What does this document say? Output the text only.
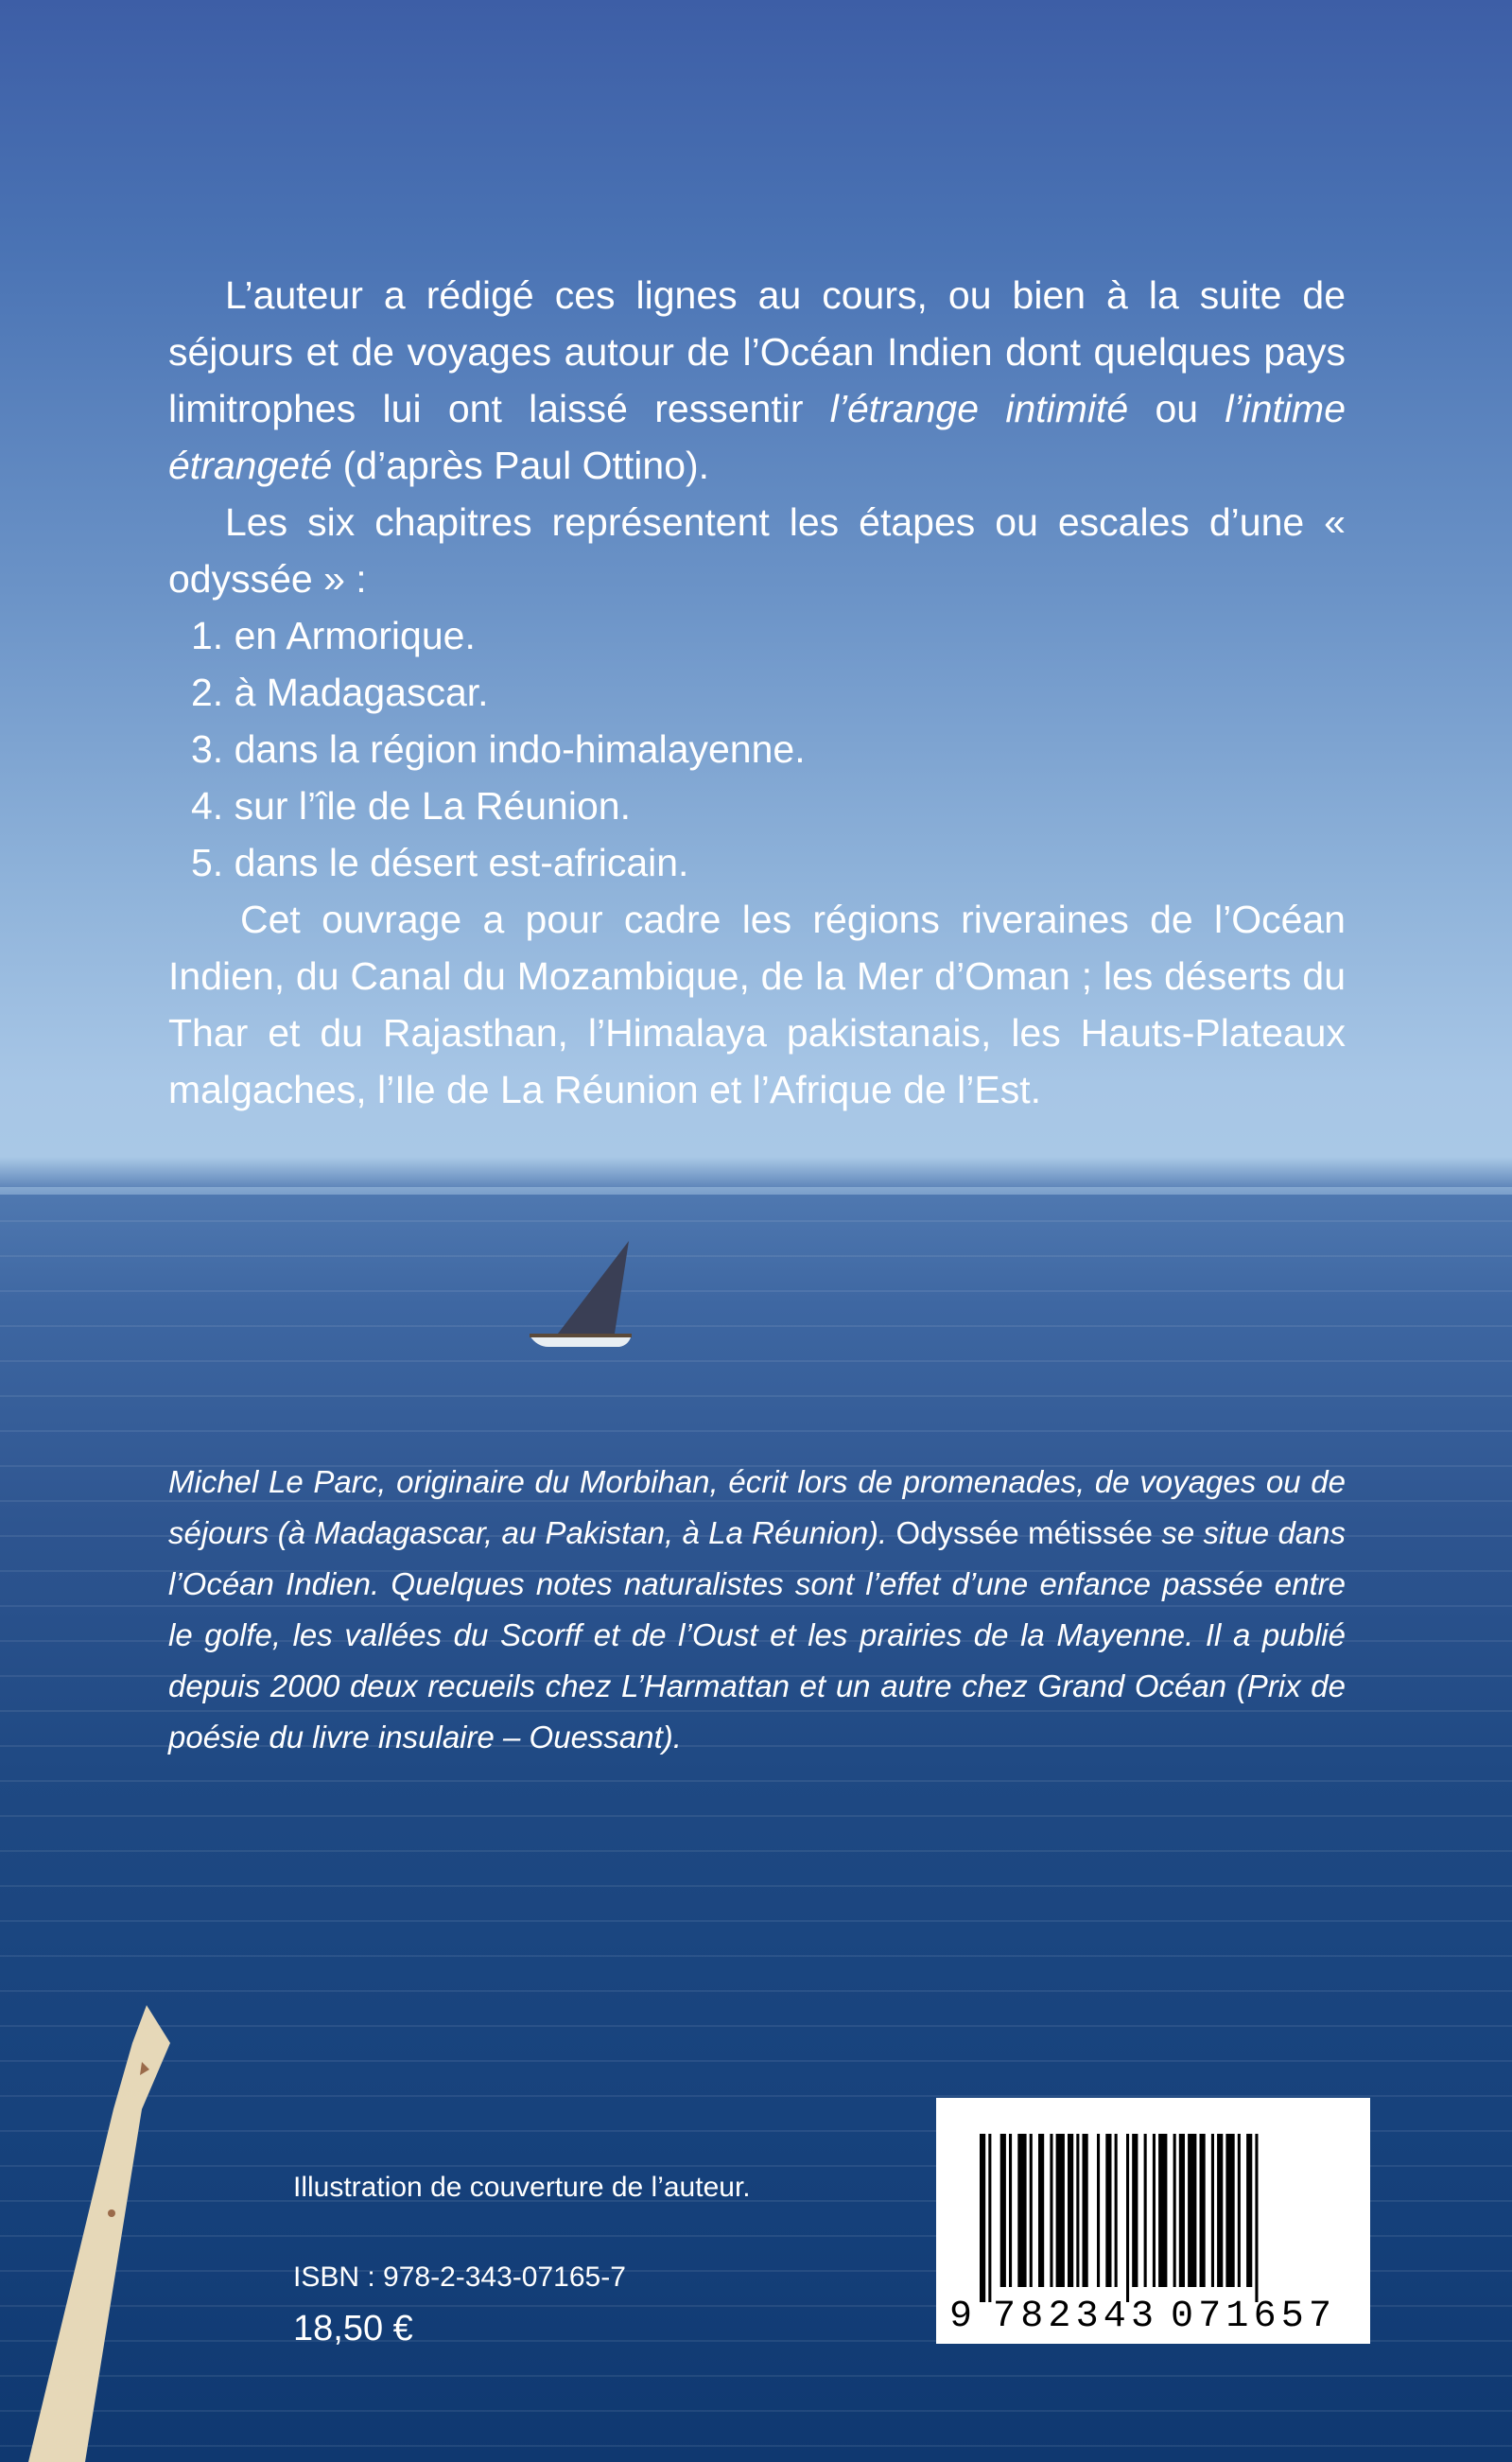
L’auteur a rédigé ces lignes au cours, ou bien à la suite de séjours et de voyages autour de l’Océan Indien dont quelques pays limitrophes lui ont laissé ressentir l’étrange intimité ou l’intime étrangeté (d’après Paul Ottino).

Les six chapitres représentent les étapes ou escales d’une « odyssée » :

1. en Armorique.
2. à Madagascar.
3. dans la région indo-himalayenne.
4. sur l’île de La Réunion.
5. dans le désert est-africain.

Cet ouvrage a pour cadre les régions riveraines de l’Océan Indien, du Canal du Mozambique, de la Mer d’Oman ; les déserts du Thar et du Rajasthan, l’Himalaya pakistanais, les Hauts-Plateaux malgaches, l’Ile de La Réunion et l’Afrique de l’Est.

Michel Le Parc, originaire du Morbihan, écrit lors de promenades, de voyages ou de séjours (à Madagascar, au Pakistan, à La Réunion). Odyssée métissée se situe dans l’Océan Indien. Quelques notes naturalistes sont l’effet d’une enfance passée entre le golfe, les vallées du Scorff et de l’Oust et les prairies de la Mayenne. Il a publié depuis 2000 deux recueils chez L’Harmattan et un autre chez Grand Océan (Prix de poésie du livre insulaire – Ouessant).

Illustration de couverture de l’auteur.
ISBN : 978-2-343-07165-7
18,50 €	9 782343 071657
